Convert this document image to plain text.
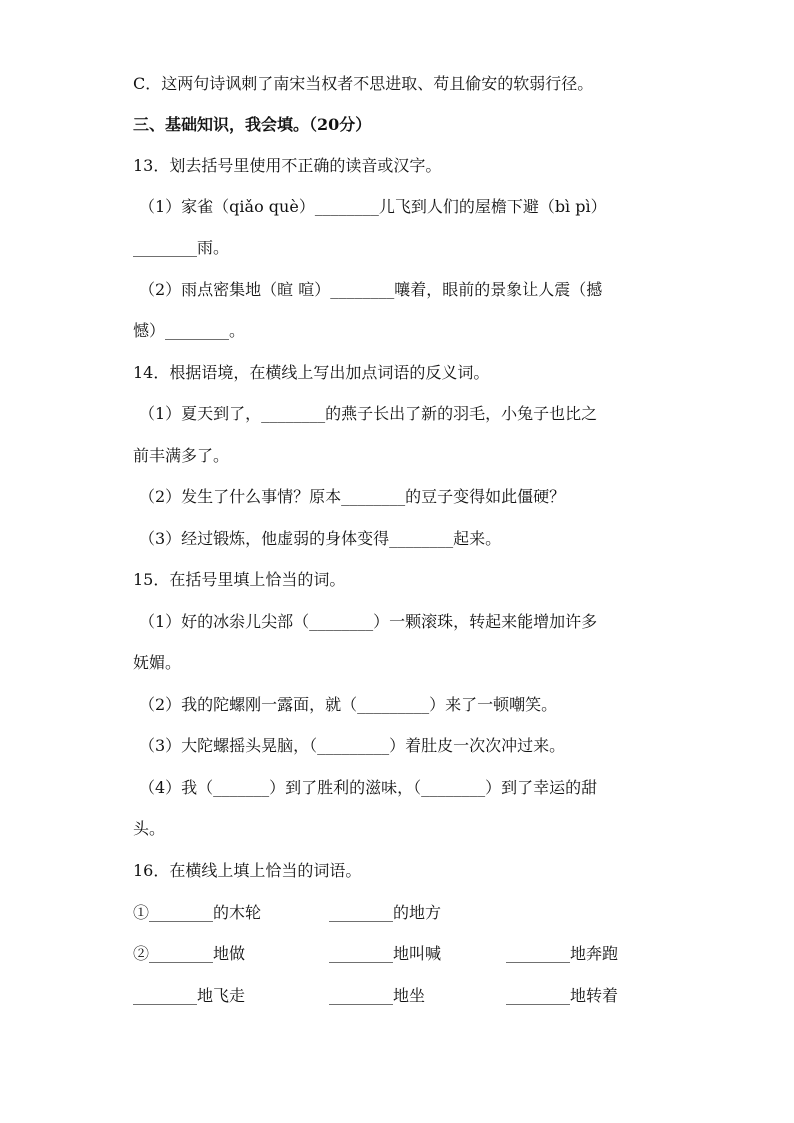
C．这两句诗讽刺了南宋当权者不思进取、苟且偷安的软弱行径。
三、基础知识，我会填。（20分）
13．划去括号里使用不正确的读音或汉字。
（1）家雀（qiǎo què）________儿飞到人们的屋檐下避（bì pì）
________雨。
（2）雨点密集地（暄 喧）________嚷着，眼前的景象让人震（撼
憾）________。
14．根据语境，在横线上写出加点词语的反义词。
（1）夏天到了，________的燕子长出了新的羽毛，小兔子也比之
前丰满多了。
（2）发生了什么事情？原本________的豆子变得如此僵硬？
（3）经过锻炼，他虚弱的身体变得________起来。
15．在括号里填上恰当的词。
（1）好的冰尜儿尖部（________）一颗滚珠，转起来能增加许多
妩媚。
（2）我的陀螺刚一露面，就（_________）来了一顿嘲笑。
（3）大陀螺摇头晃脑，（_________）着肚皮一次次冲过来。
（4）我（_______）到了胜利的滋味，（________）到了幸运的甜
头。
16．在横线上填上恰当的词语。
①________的木轮	________的地方
②________地做	________地叫喊	________地奔跑
________地飞走	________地坐	________地转着
